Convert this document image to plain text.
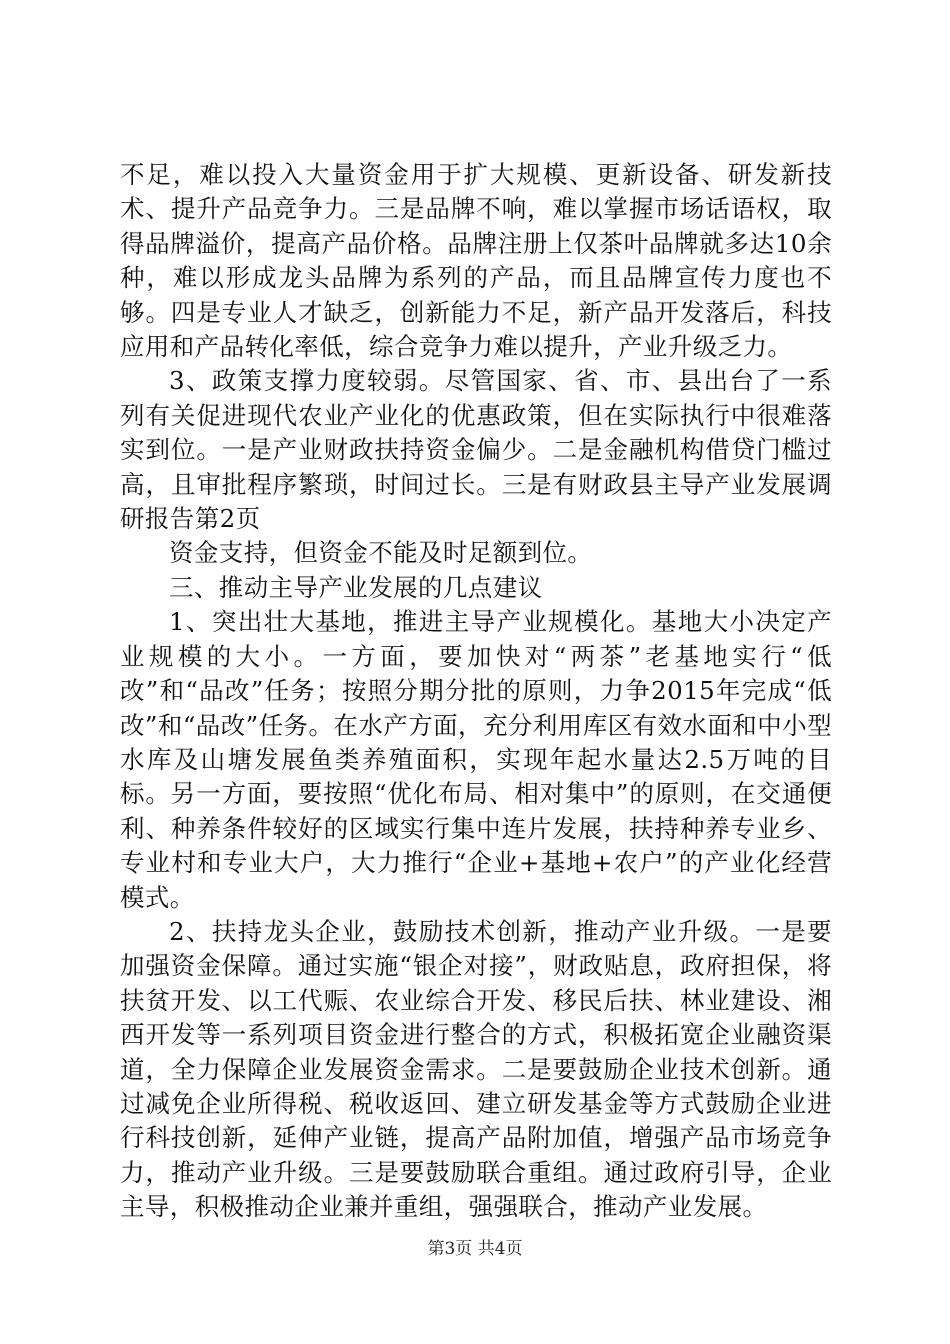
不足，难以投入大量资金用于扩大规模、更新设备、研发新技术、提升产品竞争力。三是品牌不响，难以掌握市场话语权，取得品牌溢价，提高产品价格。品牌注册上仅茶叶品牌就多达10余种，难以形成龙头品牌为系列的产品，而且品牌宣传力度也不够。四是专业人才缺乏，创新能力不足，新产品开发落后，科技应用和产品转化率低，综合竞争力难以提升，产业升级乏力。

3、政策支撑力度较弱。尽管国家、省、市、县出台了一系列有关促进现代农业产业化的优惠政策，但在实际执行中很难落实到位。一是产业财政扶持资金偏少。二是金融机构借贷门槛过高，且审批程序繁琐，时间过长。三是有财政县主导产业发展调研报告第2页

资金支持，但资金不能及时足额到位。

三、推动主导产业发展的几点建议

1、突出壮大基地，推进主导产业规模化。基地大小决定产业规模的大小。一方面，要加快对“两茶”老基地实行“低改”和“品改”任务；按照分期分批的原则，力争2015年完成“低改”和“品改”任务。在水产方面，充分利用库区有效水面和中小型水库及山塘发展鱼类养殖面积，实现年起水量达2.5万吨的目标。另一方面，要按照“优化布局、相对集中”的原则，在交通便利、种养条件较好的区域实行集中连片发展，扶持种养专业乡、专业村和专业大户，大力推行“企业+基地+农户”的产业化经营模式。

2、扶持龙头企业，鼓励技术创新，推动产业升级。一是要加强资金保障。通过实施“银企对接”，财政贴息，政府担保，将扶贫开发、以工代赈、农业综合开发、移民后扶、林业建设、湘西开发等一系列项目资金进行整合的方式，积极拓宽企业融资渠道，全力保障企业发展资金需求。二是要鼓励企业技术创新。通过减免企业所得税、税收返回、建立研发基金等方式鼓励企业进行科技创新，延伸产业链，提高产品附加值，增强产品市场竞争力，推动产业升级。三是要鼓励联合重组。通过政府引导，企业主导，积极推动企业兼并重组，强强联合，推动产业发展。

第3页 共4页
